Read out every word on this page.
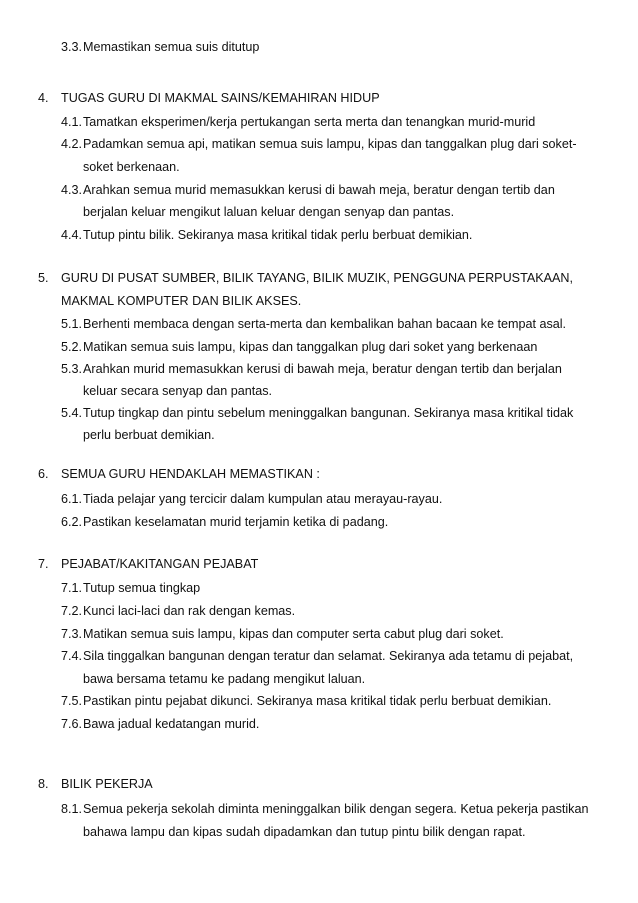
3.3. Memastikan semua suis ditutup
4. TUGAS GURU DI MAKMAL SAINS/KEMAHIRAN HIDUP
4.1. Tamatkan eksperimen/kerja pertukangan serta merta dan tenangkan murid-murid
4.2. Padamkan semua api, matikan semua suis lampu, kipas dan tanggalkan plug dari soket-
soket berkenaan.
4.3. Arahkan semua murid memasukkan kerusi di bawah meja, beratur dengan tertib dan
berjalan keluar mengikut laluan keluar dengan senyap dan pantas.
4.4. Tutup pintu bilik. Sekiranya masa kritikal tidak perlu berbuat demikian.
5. GURU DI PUSAT SUMBER, BILIK TAYANG, BILIK MUZIK, PENGGUNA PERPUSTAKAAN,
MAKMAL KOMPUTER DAN BILIK AKSES.
5.1. Berhenti membaca dengan serta-merta dan kembalikan bahan bacaan ke tempat asal.
5.2. Matikan semua suis lampu, kipas dan tanggalkan plug dari soket yang berkenaan
5.3. Arahkan murid memasukkan kerusi di bawah meja, beratur dengan tertib dan berjalan
keluar secara senyap dan pantas.
5.4. Tutup tingkap dan pintu sebelum meninggalkan bangunan. Sekiranya masa kritikal tidak
perlu berbuat demikian.
6. SEMUA GURU HENDAKLAH MEMASTIKAN :
6.1. Tiada pelajar yang tercicir dalam kumpulan atau merayau-rayau.
6.2. Pastikan keselamatan murid terjamin ketika di padang.
7. PEJABAT/KAKITANGAN PEJABAT
7.1. Tutup semua tingkap
7.2. Kunci laci-laci dan rak dengan kemas.
7.3. Matikan semua suis lampu, kipas dan computer serta cabut plug dari soket.
7.4. Sila tinggalkan bangunan dengan teratur dan selamat. Sekiranya ada tetamu di pejabat,
bawa bersama tetamu ke padang mengikut laluan.
7.5. Pastikan pintu pejabat dikunci. Sekiranya masa kritikal tidak perlu berbuat demikian.
7.6. Bawa jadual kedatangan murid.
8. BILIK PEKERJA
8.1. Semua pekerja sekolah diminta meninggalkan bilik dengan segera. Ketua pekerja pastikan
bahawa lampu dan kipas sudah dipadamkan dan tutup pintu bilik dengan rapat.
